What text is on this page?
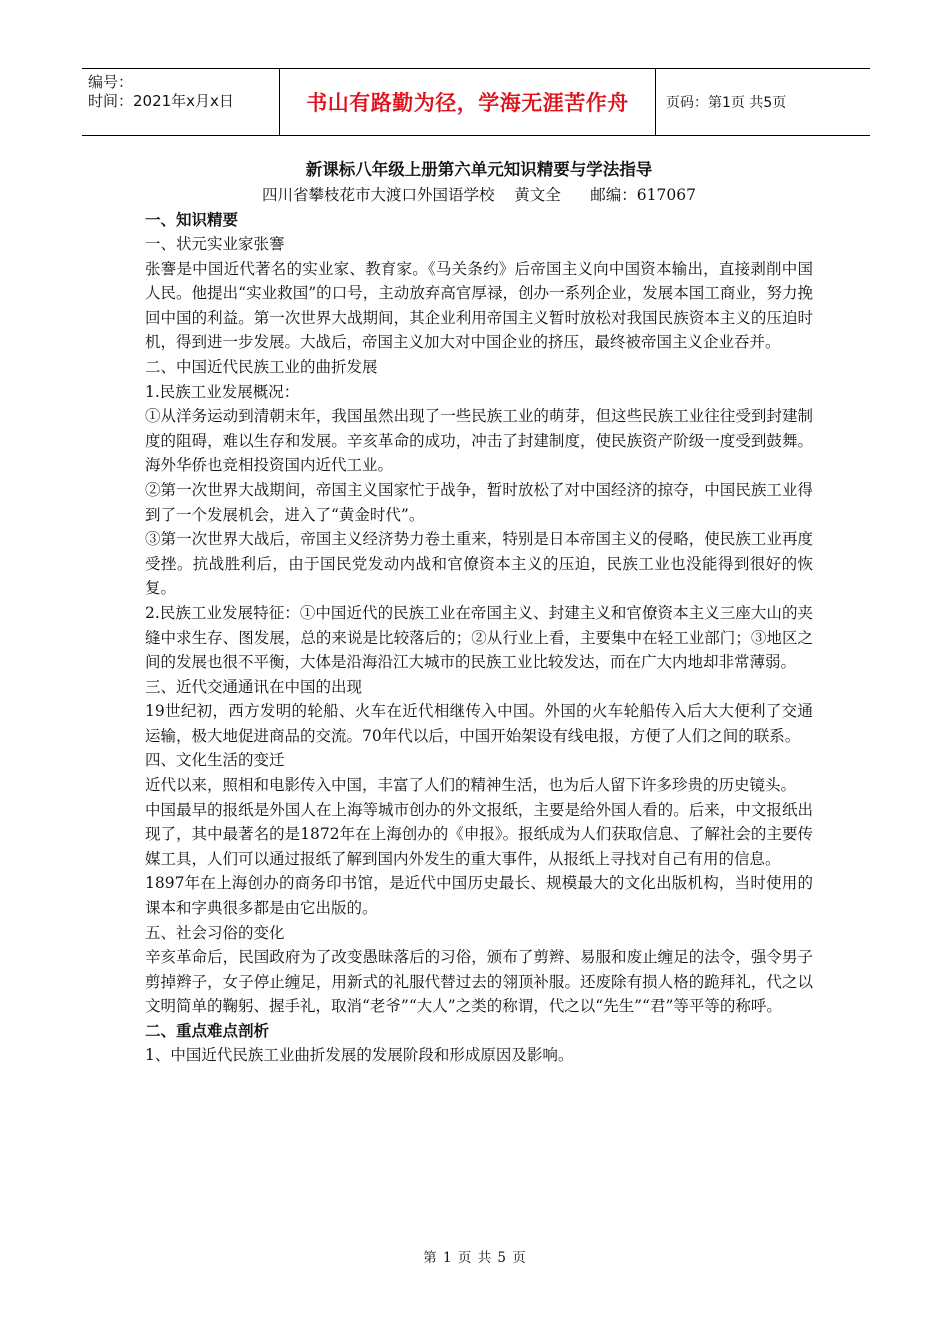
编号：
时间：2021年x月x日	书山有路勤为径，学海无涯苦作舟	页码：第1页 共5页
新课标八年级上册第六单元知识精要与学法指导

四川省攀枝花市大渡口外国语学校    黄文全      邮编：617067

一、知识精要

一、状元实业家张謇

张謇是中国近代著名的实业家、教育家。《马关条约》后帝国主义向中国资本输出，直接剥削中国人民。他提出“实业救国”的口号，主动放弃高官厚禄，创办一系列企业，发展本国工商业，努力挽回中国的利益。第一次世界大战期间，其企业利用帝国主义暂时放松对我国民族资本主义的压迫时机，得到进一步发展。大战后，帝国主义加大对中国企业的挤压，最终被帝国主义企业吞并。

二、中国近代民族工业的曲折发展

1.民族工业发展概况：

①从洋务运动到清朝末年，我国虽然出现了一些民族工业的萌芽，但这些民族工业往往受到封建制度的阻碍，难以生存和发展。辛亥革命的成功，冲击了封建制度，使民族资产阶级一度受到鼓舞。海外华侨也竞相投资国内近代工业。

②第一次世界大战期间，帝国主义国家忙于战争，暂时放松了对中国经济的掠夺，中国民族工业得到了一个发展机会，进入了“黄金时代”。

③第一次世界大战后，帝国主义经济势力卷土重来，特别是日本帝国主义的侵略，使民族工业再度受挫。抗战胜利后，由于国民党发动内战和官僚资本主义的压迫，民族工业也没能得到很好的恢复。

2.民族工业发展特征：①中国近代的民族工业在帝国主义、封建主义和官僚资本主义三座大山的夹缝中求生存、图发展，总的来说是比较落后的；②从行业上看，主要集中在轻工业部门；③地区之间的发展也很不平衡，大体是沿海沿江大城市的民族工业比较发达，而在广大内地却非常薄弱。

三、近代交通通讯在中国的出现

19世纪初，西方发明的轮船、火车在近代相继传入中国。外国的火车轮船传入后大大便利了交通运输，极大地促进商品的交流。70年代以后，中国开始架设有线电报，方便了人们之间的联系。

四、文化生活的变迁

近代以来，照相和电影传入中国，丰富了人们的精神生活，也为后人留下许多珍贵的历史镜头。

中国最早的报纸是外国人在上海等城市创办的外文报纸，主要是给外国人看的。后来，中文报纸出现了，其中最著名的是1872年在上海创办的《申报》。报纸成为人们获取信息、了解社会的主要传媒工具，人们可以通过报纸了解到国内外发生的重大事件，从报纸上寻找对自己有用的信息。

1897年在上海创办的商务印书馆，是近代中国历史最长、规模最大的文化出版机构，当时使用的课本和字典很多都是由它出版的。

五、社会习俗的变化

辛亥革命后，民国政府为了改变愚昧落后的习俗，颁布了剪辫、易服和废止缠足的法令，强令男子剪掉辫子，女子停止缠足，用新式的礼服代替过去的翎顶补服。还废除有损人格的跪拜礼，代之以文明简单的鞠躬、握手礼，取消“老爷”“大人”之类的称谓，代之以“先生”“君”等平等的称呼。

二、重点难点剖析

1、中国近代民族工业曲折发展的发展阶段和形成原因及影响。

第 1 页 共 5 页
